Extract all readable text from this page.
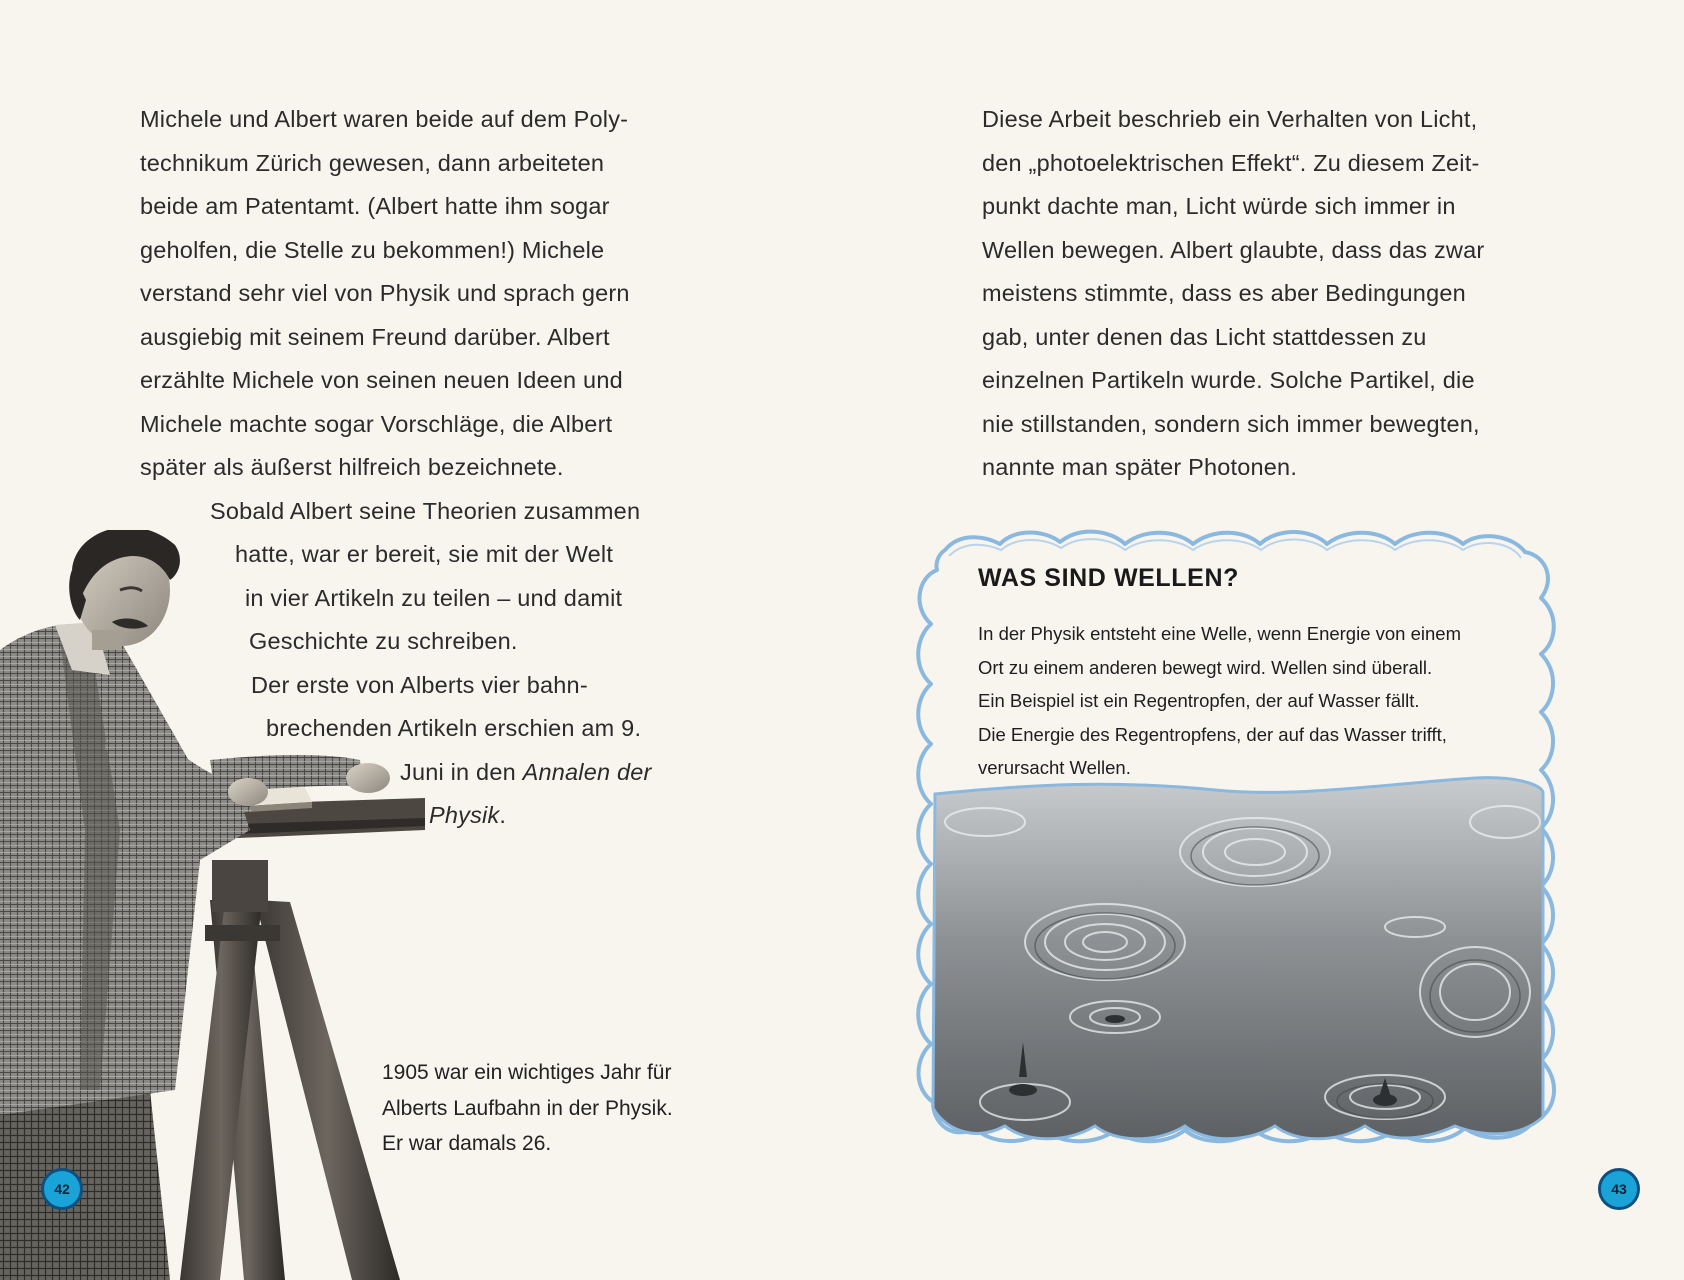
Michele und Albert waren beide auf dem Poly-
technikum Zürich gewesen, dann arbeiteten
beide am Patentamt. (Albert hatte ihm sogar
geholfen, die Stelle zu bekommen!) Michele
verstand sehr viel von Physik und sprach gern
ausgiebig mit seinem Freund darüber. Albert
erzählte Michele von seinen neuen Ideen und
Michele machte sogar Vorschläge, die Albert
später als äußerst hilfreich bezeichnete.

Sobald Albert seine Theorien zusammen
hatte, war er bereit, sie mit der Welt
in vier Artikeln zu teilen – und damit
Geschichte zu schreiben.
Der erste von Alberts vier bahn-
brechenden Artikeln erschien am 9.
Juni in den Annalen der
Physik.

1905 war ein wichtiges Jahr für
Alberts Laufbahn in der Physik.
Er war damals 26.

42

Diese Arbeit beschrieb ein Verhalten von Licht,
den „photoelektrischen Effekt“. Zu diesem Zeit-
punkt dachte man, Licht würde sich immer in
Wellen bewegen. Albert glaubte, dass das zwar
meistens stimmte, dass es aber Bedingungen
gab, unter denen das Licht stattdessen zu
einzelnen Partikeln wurde. Solche Partikel, die
nie stillstanden, sondern sich immer bewegten,
nannte man später Photonen.

WAS SIND WELLEN?

In der Physik entsteht eine Welle, wenn Energie von einem
Ort zu einem anderen bewegt wird. Wellen sind überall.
Ein Beispiel ist ein Regentropfen, der auf Wasser fällt.
Die Energie des Regentropfens, der auf das Wasser trifft,
verursacht Wellen.

43
